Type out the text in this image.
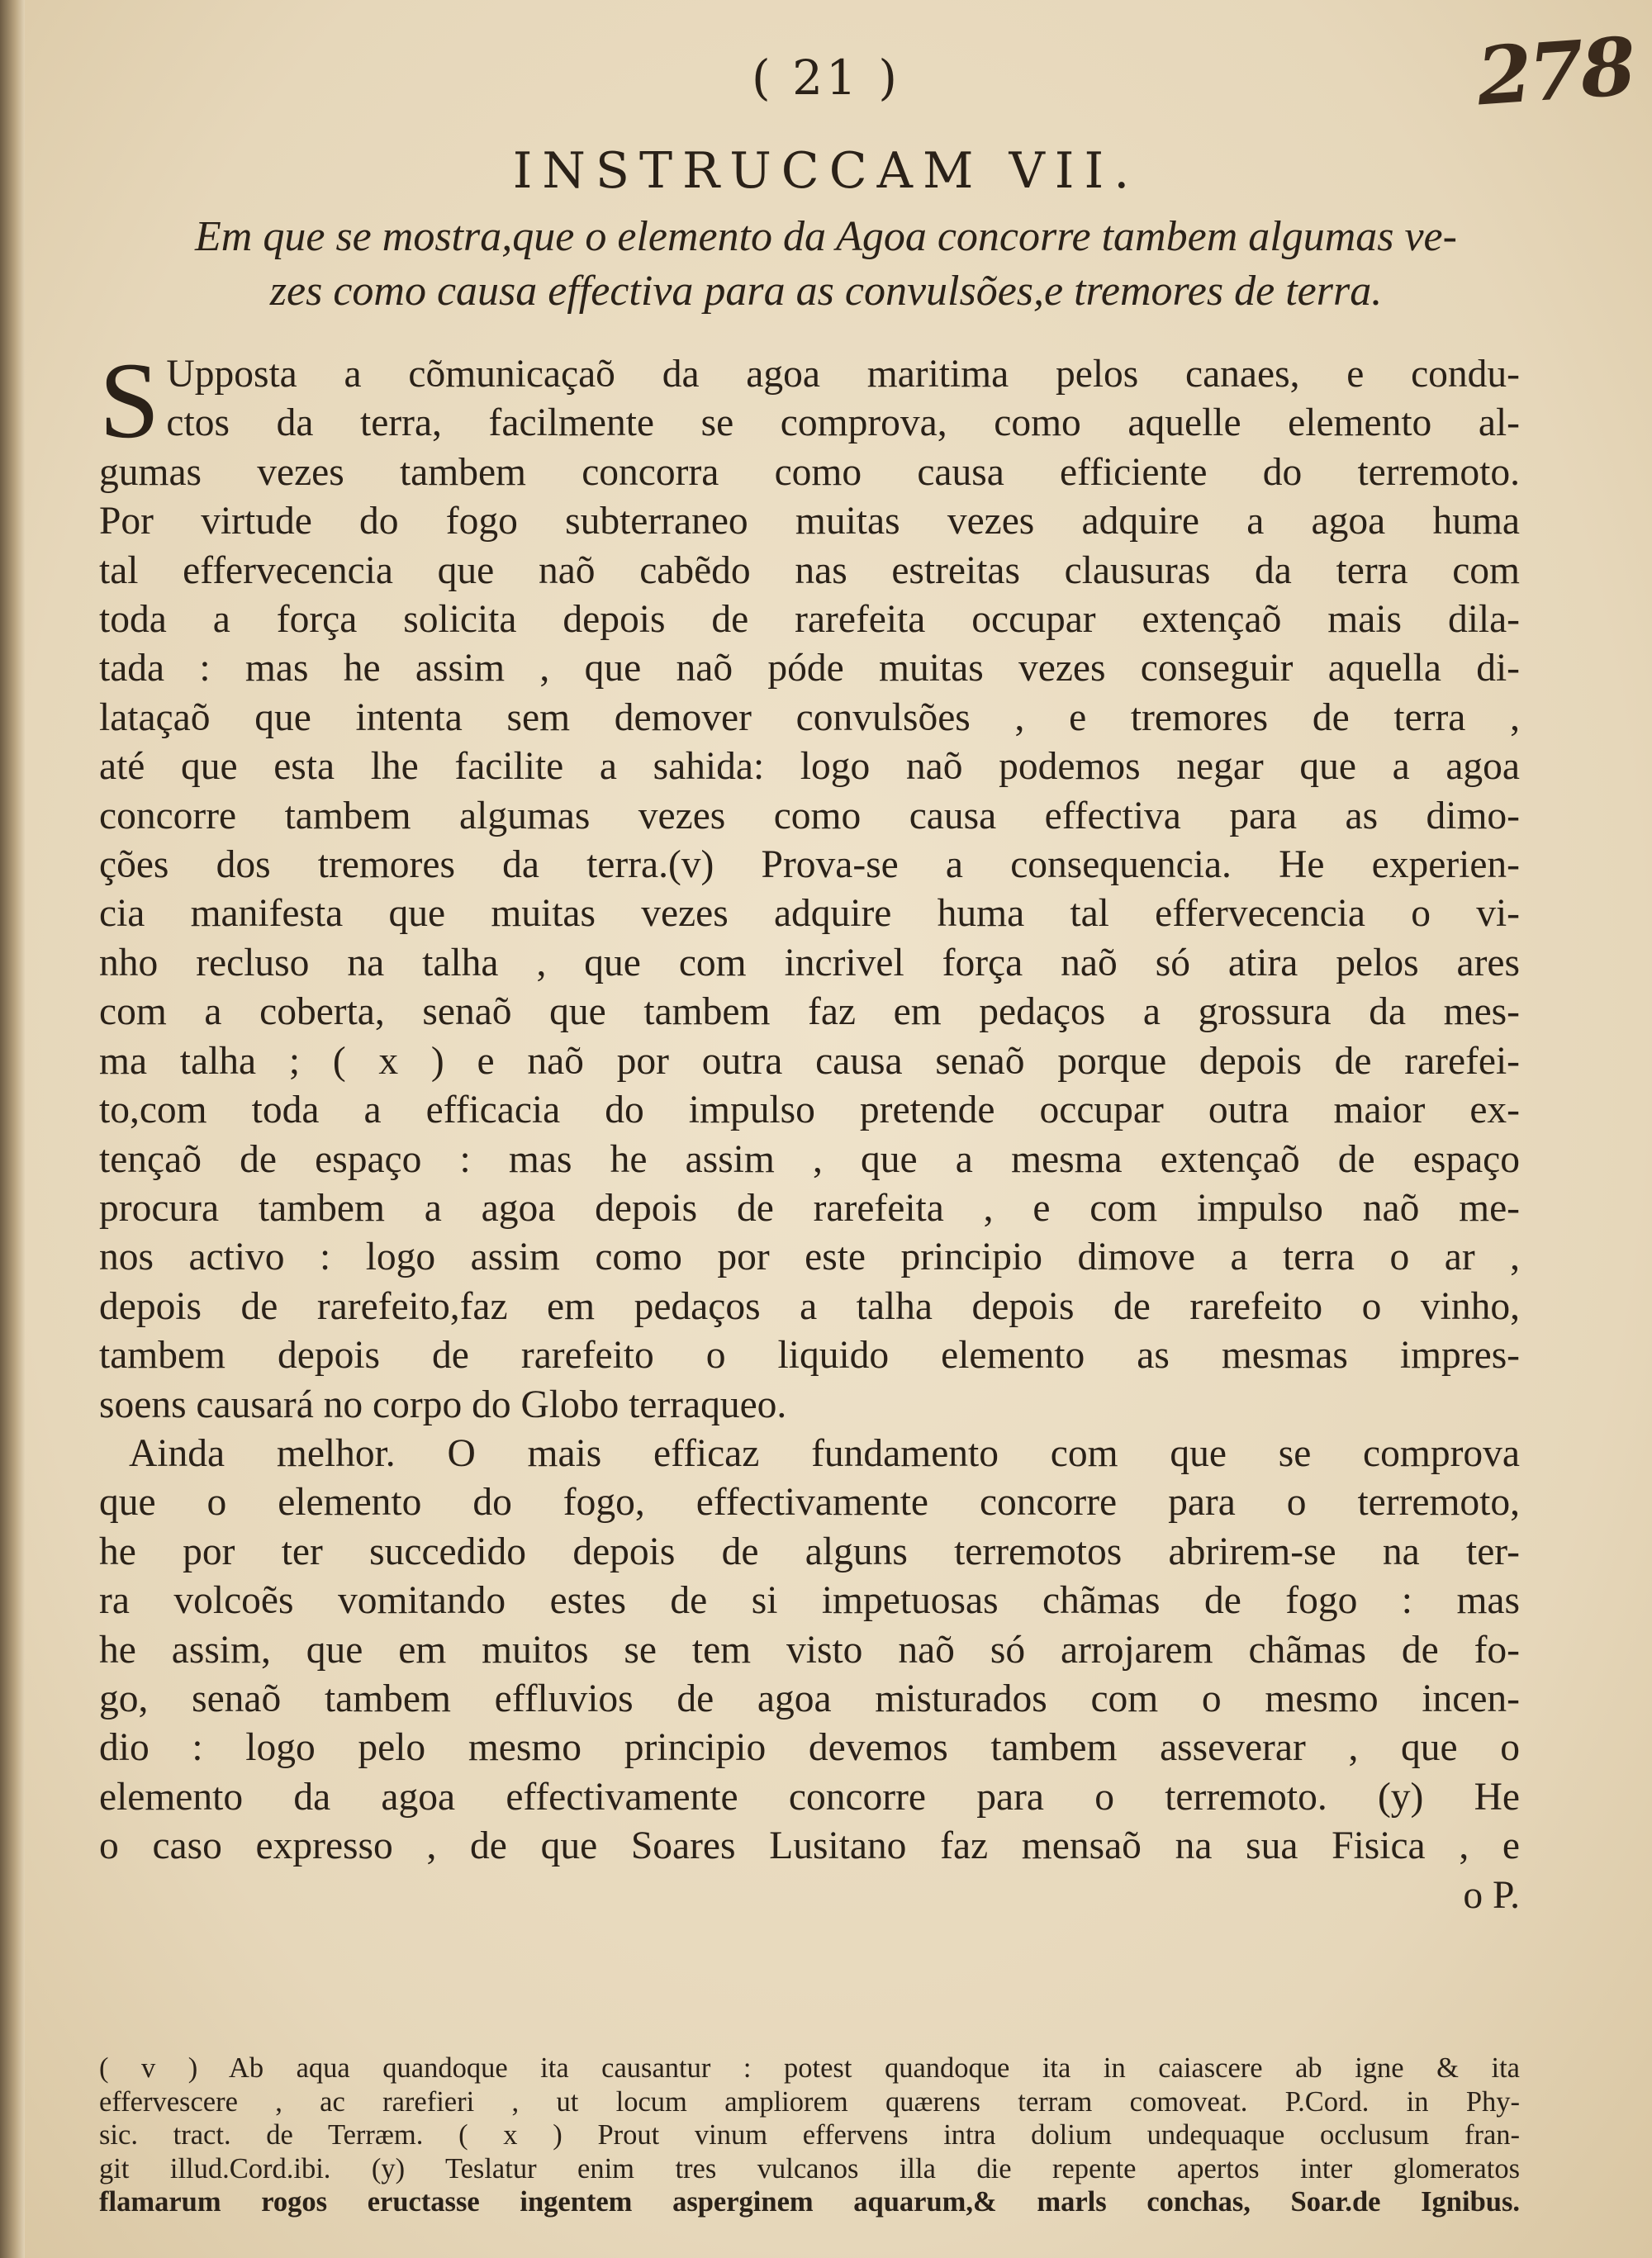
278
( 21 )
INSTRUCCAM VII.
Em que se mostra,que o elemento da Agoa concorre tambem algumas ve-
zes como causa effectiva para as convulsões,e tremores de terra.
S Upposta a cõmunicaçaõ da agoa maritima pelos canaes, e condu-
ctos da terra, facilmente se comprova, como aquelle elemento al-
gumas vezes tambem concorra como causa efficiente do terremoto.
Por virtude do fogo subterraneo muitas vezes adquire a agoa huma
tal effervecencia que naõ cabẽdo nas estreitas clausuras da terra com
toda a força solicita depois de rarefeita occupar extençaõ mais dila-
tada : mas he assim , que naõ póde muitas vezes conseguir aquella di-
lataçaõ que intenta sem demover convulsões , e tremores de terra ,
até que esta lhe facilite a sahida: logo naõ podemos negar que a agoa
concorre tambem algumas vezes como causa effectiva para as dimo-
ções dos tremores da terra.(v) Prova-se a consequencia. He experien-
cia manifesta que muitas vezes adquire huma tal effervecencia o vi-
nho recluso na talha , que com incrivel força naõ só atira pelos ares
com a coberta, senaõ que tambem faz em pedaços a grossura da mes-
ma talha ; ( x ) e naõ por outra causa senaõ porque depois de rarefei-
to,com toda a efficacia do impulso pretende occupar outra maior ex-
tençaõ de espaço : mas he assim , que a mesma extençaõ de espaço
procura tambem a agoa depois de rarefeita , e com impulso naõ me-
nos activo : logo assim como por este principio dimove a terra o ar ,
depois de rarefeito,faz em pedaços a talha depois de rarefeito o vinho,
tambem depois de rarefeito o liquido elemento as mesmas impres-
soens causará no corpo do Globo terraqueo.
Ainda melhor. O mais efficaz fundamento com que se comprova
que o elemento do fogo, effectivamente concorre para o terremoto,
he por ter succedido depois de alguns terremotos abrirem-se na ter-
ra volcoẽs vomitando estes de si impetuosas chãmas de fogo : mas
he assim, que em muitos se tem visto naõ só arrojarem chãmas de fo-
go, senaõ tambem effluvios de agoa misturados com o mesmo incen-
dio : logo pelo mesmo principio devemos tambem asseverar , que o
elemento da agoa effectivamente concorre para o terremoto. (y) He
o caso expresso , de que Soares Lusitano faz mensaõ na sua Fisica , e
o P.
( v ) Ab aqua quandoque ita causantur : potest quandoque ita in caiascere ab igne & ita
effervescere , ac rarefieri , ut locum ampliorem quærens terram comoveat. P.Cord. in Phy-
sic. tract. de Terræm. ( x ) Prout vinum effervens intra dolium undequaque occlusum fran-
git illud.Cord.ibi. (y) Teslatur enim tres vulcanos illa die repente apertos inter glomeratos
flamarum rogos eructasse ingentem asperginem aquarum,& marls conchas, Soar.de Ignibus.
